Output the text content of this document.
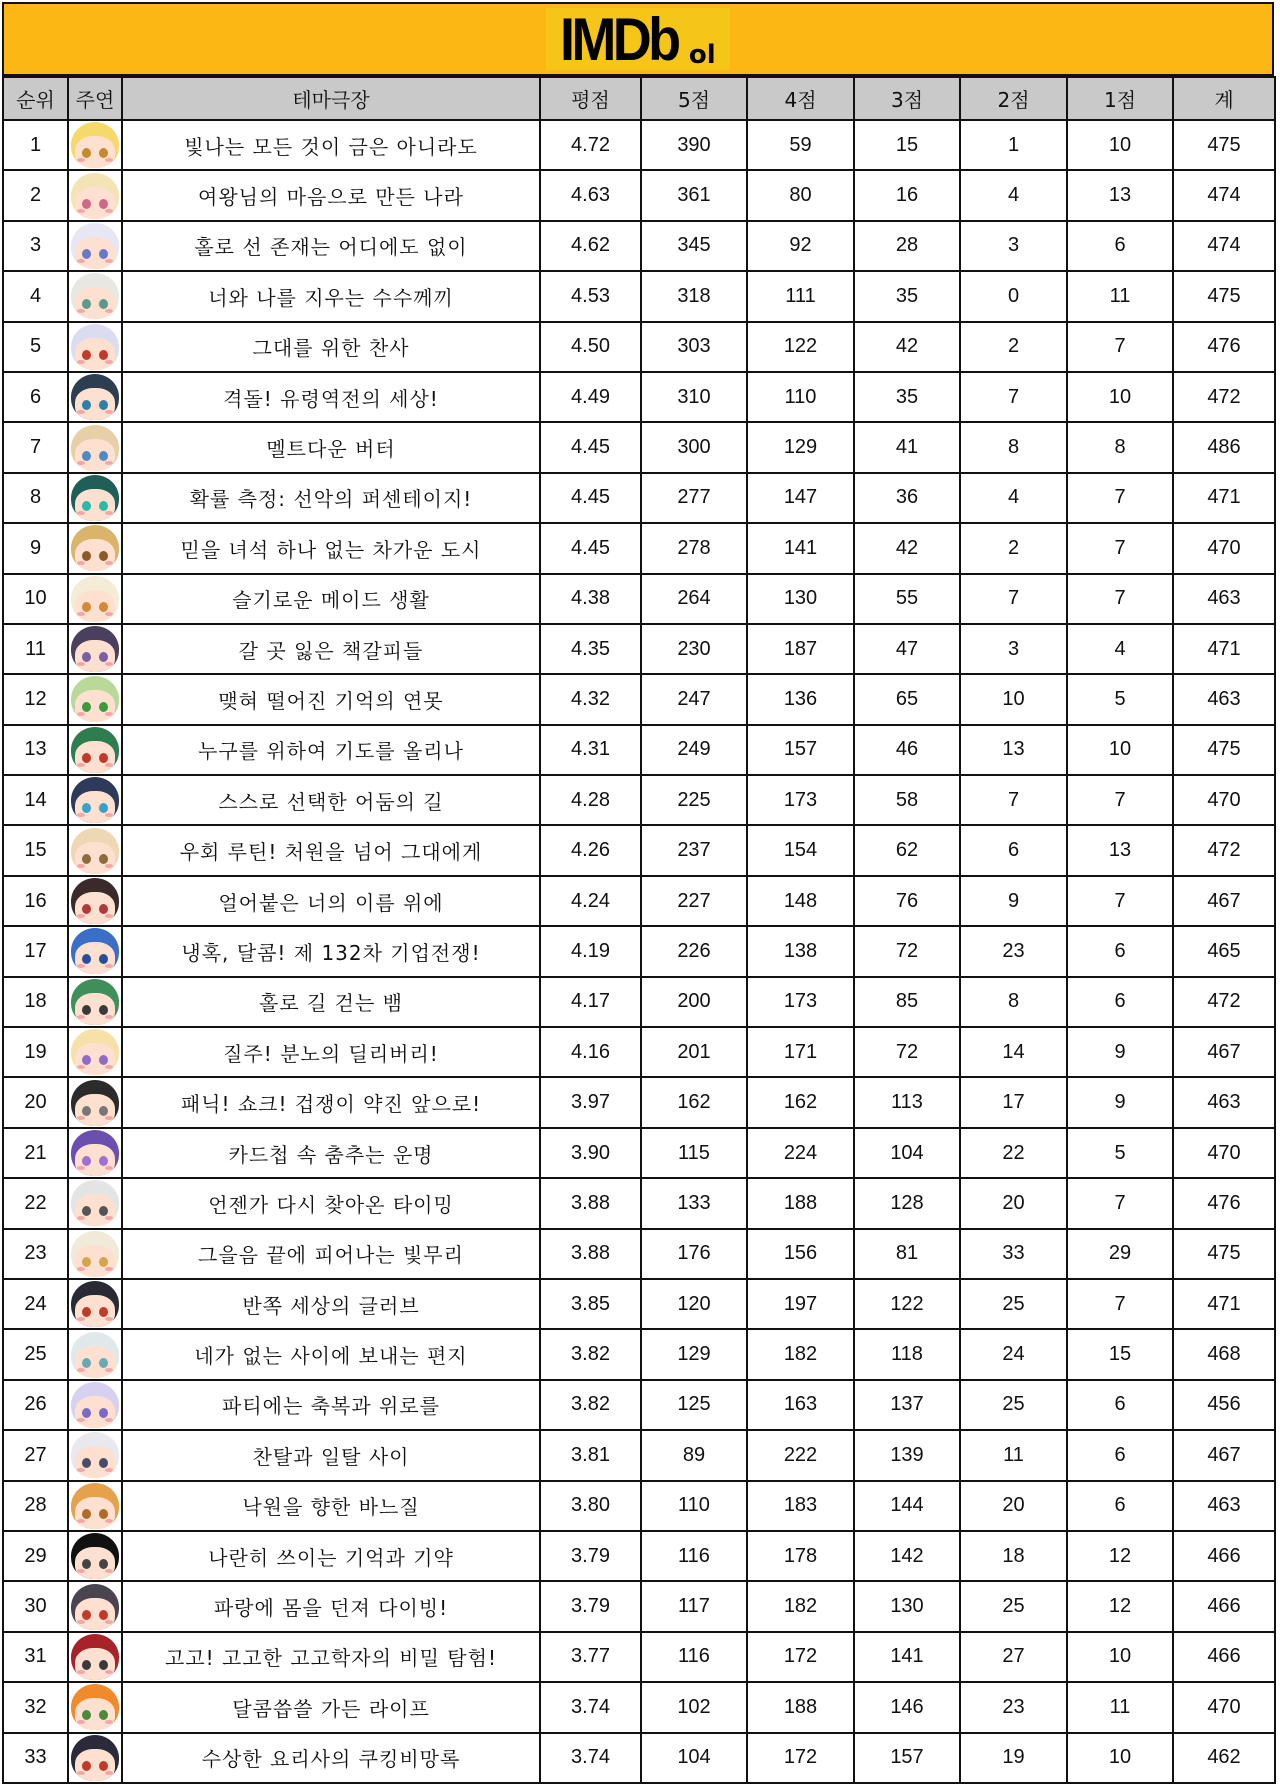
IMDb ol
순위	주연	테마극장	평점	5점	4점	3점	2점	1점	계
1		빛나는 모든 것이 금은 아니라도	4.72	390	59	15	1	10	475
2		여왕님의 마음으로 만든 나라	4.63	361	80	16	4	13	474
3		홀로 선 존재는 어디에도 없이	4.62	345	92	28	3	6	474
4		너와 나를 지우는 수수께끼	4.53	318	111	35	0	11	475
5		그대를 위한 찬사	4.50	303	122	42	2	7	476
6		격돌! 유령역전의 세상!	4.49	310	110	35	7	10	472
7		멜트다운 버터	4.45	300	129	41	8	8	486
8		확률 측정: 선악의 퍼센테이지!	4.45	277	147	36	4	7	471
9		믿을 녀석 하나 없는 차가운 도시	4.45	278	141	42	2	7	470
10		슬기로운 메이드 생활	4.38	264	130	55	7	7	463
11		갈 곳 잃은 책갈피들	4.35	230	187	47	3	4	471
12		맺혀 떨어진 기억의 연못	4.32	247	136	65	10	5	463
13		누구를 위하여 기도를 올리나	4.31	249	157	46	13	10	475
14		스스로 선택한 어둠의 길	4.28	225	173	58	7	7	470
15		우회 루틴! 처원을 넘어 그대에게	4.26	237	154	62	6	13	472
16		얼어붙은 너의 이름 위에	4.24	227	148	76	9	7	467
17		냉혹, 달콤! 제 132차 기업전쟁!	4.19	226	138	72	23	6	465
18		홀로 길 걷는 뱀	4.17	200	173	85	8	6	472
19		질주! 분노의 딜리버리!	4.16	201	171	72	14	9	467
20		패닉! 쇼크! 겁쟁이 약진 앞으로!	3.97	162	162	113	17	9	463
21		카드첩 속 춤추는 운명	3.90	115	224	104	22	5	470
22		언젠가 다시 찾아온 타이밍	3.88	133	188	128	20	7	476
23		그을음 끝에 피어나는 빛무리	3.88	176	156	81	33	29	475
24		반쪽 세상의 글러브	3.85	120	197	122	25	7	471
25		네가 없는 사이에 보내는 편지	3.82	129	182	118	24	15	468
26		파티에는 축복과 위로를	3.82	125	163	137	25	6	456
27		찬탈과 일탈 사이	3.81	89	222	139	11	6	467
28		낙원을 향한 바느질	3.80	110	183	144	20	6	463
29		나란히 쓰이는 기억과 기약	3.79	116	178	142	18	12	466
30		파랑에 몸을 던져 다이빙!	3.79	117	182	130	25	12	466
31		고고! 고고한 고고학자의 비밀 탐험!	3.77	116	172	141	27	10	466
32		달콤씁쓸 가든 라이프	3.74	102	188	146	23	11	470
33		수상한 요리사의 쿠킹비망록	3.74	104	172	157	19	10	462
